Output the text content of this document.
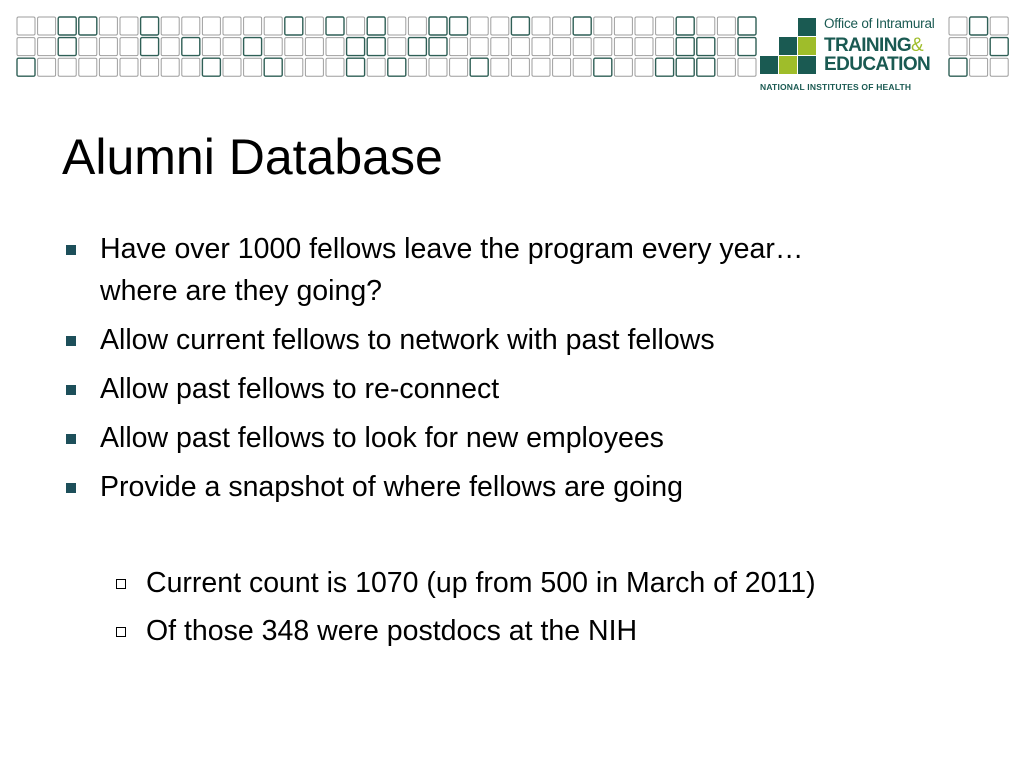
Office of Intramural
TRAINING&
EDUCATION
NATIONAL INSTITUTES OF HEALTH
Alumni Database
Have over 1000 fellows leave the program every year…where are they going?
Allow current fellows to network with past fellows
Allow past fellows to re-connect
Allow past fellows to look for new employees
Provide a snapshot of where fellows are going
Current count is 1070 (up from 500 in March of 2011)
Of those 348 were postdocs at the NIH
